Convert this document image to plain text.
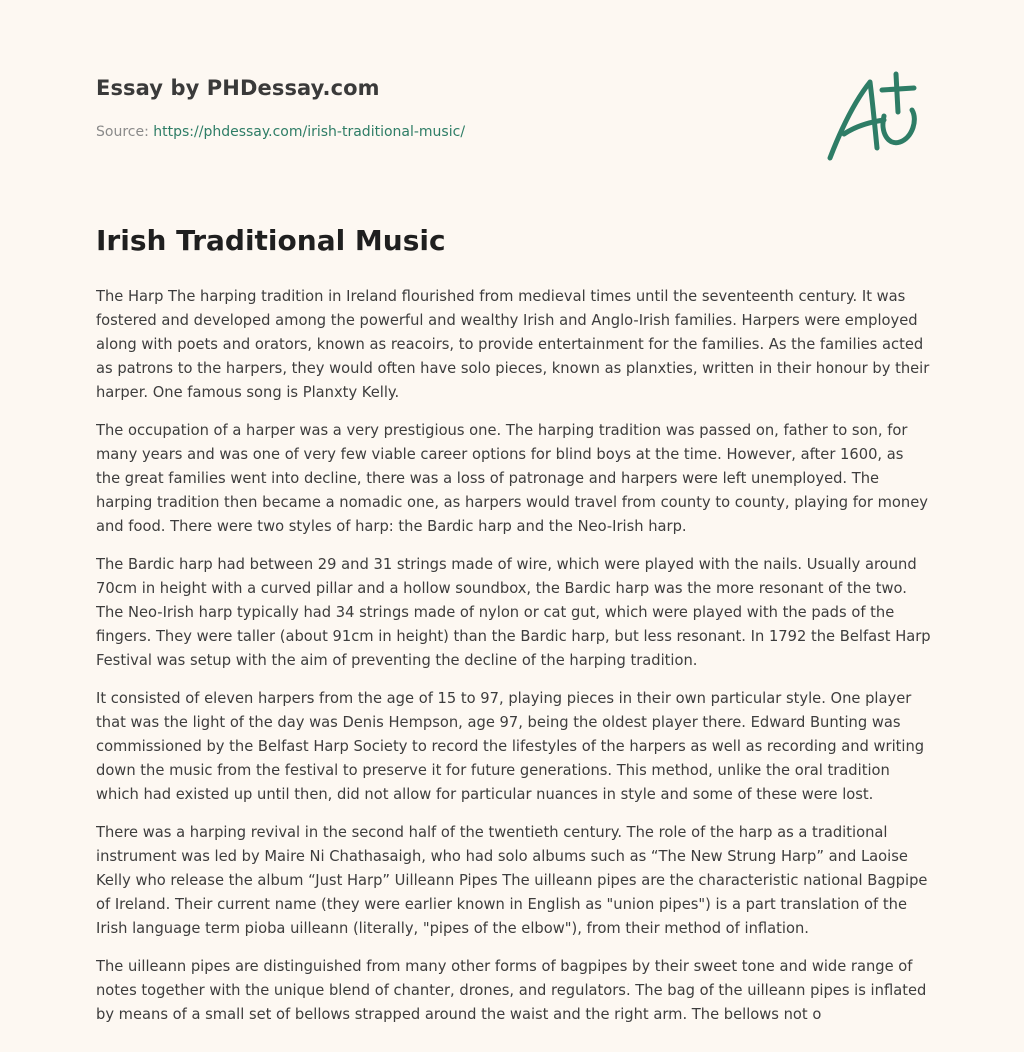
Essay by PHDessay.com
Source: https://phdessay.com/irish-traditional-music/
Irish Traditional Music

The Harp The harping tradition in Ireland flourished from medieval times until the seventeenth century. It was fostered and developed among the powerful and wealthy Irish and Anglo-Irish families. Harpers were employed along with poets and orators, known as reacoirs, to provide entertainment for the families. As the families acted as patrons to the harpers, they would often have solo pieces, known as planxties, written in their honour by their harper. One famous song is Planxty Kelly.

The occupation of a harper was a very prestigious one. The harping tradition was passed on, father to son, for many years and was one of very few viable career options for blind boys at the time. However, after 1600, as the great families went into decline, there was a loss of patronage and harpers were left unemployed. The harping tradition then became a nomadic one, as harpers would travel from county to county, playing for money and food. There were two styles of harp: the Bardic harp and the Neo-Irish harp.

The Bardic harp had between 29 and 31 strings made of wire, which were played with the nails. Usually around 70cm in height with a curved pillar and a hollow soundbox, the Bardic harp was the more resonant of the two. The Neo-Irish harp typically had 34 strings made of nylon or cat gut, which were played with the pads of the fingers. They were taller (about 91cm in height) than the Bardic harp, but less resonant. In 1792 the Belfast Harp Festival was setup with the aim of preventing the decline of the harping tradition.

It consisted of eleven harpers from the age of 15 to 97, playing pieces in their own particular style. One player that was the light of the day was Denis Hempson, age 97, being the oldest player there. Edward Bunting was commissioned by the Belfast Harp Society to record the lifestyles of the harpers as well as recording and writing down the music from the festival to preserve it for future generations. This method, unlike the oral tradition which had existed up until then, did not allow for particular nuances in style and some of these were lost.

There was a harping revival in the second half of the twentieth century. The role of the harp as a traditional instrument was led by Maire Ni Chathasaigh, who had solo albums such as “The New Strung Harp” and Laoise Kelly who release the album “Just Harp” Uilleann Pipes The uilleann pipes are the characteristic national Bagpipe of Ireland. Their current name (they were earlier known in English as "union pipes") is a part translation of the Irish language term pioba uilleann (literally, "pipes of the elbow"), from their method of inflation.

The uilleann pipes are distinguished from many other forms of bagpipes by their sweet tone and wide range of notes together with the unique blend of chanter, drones, and regulators. The bag of the uilleann pipes is inflated by means of a small set of bellows strapped around the waist and the right arm. The bellows not o
